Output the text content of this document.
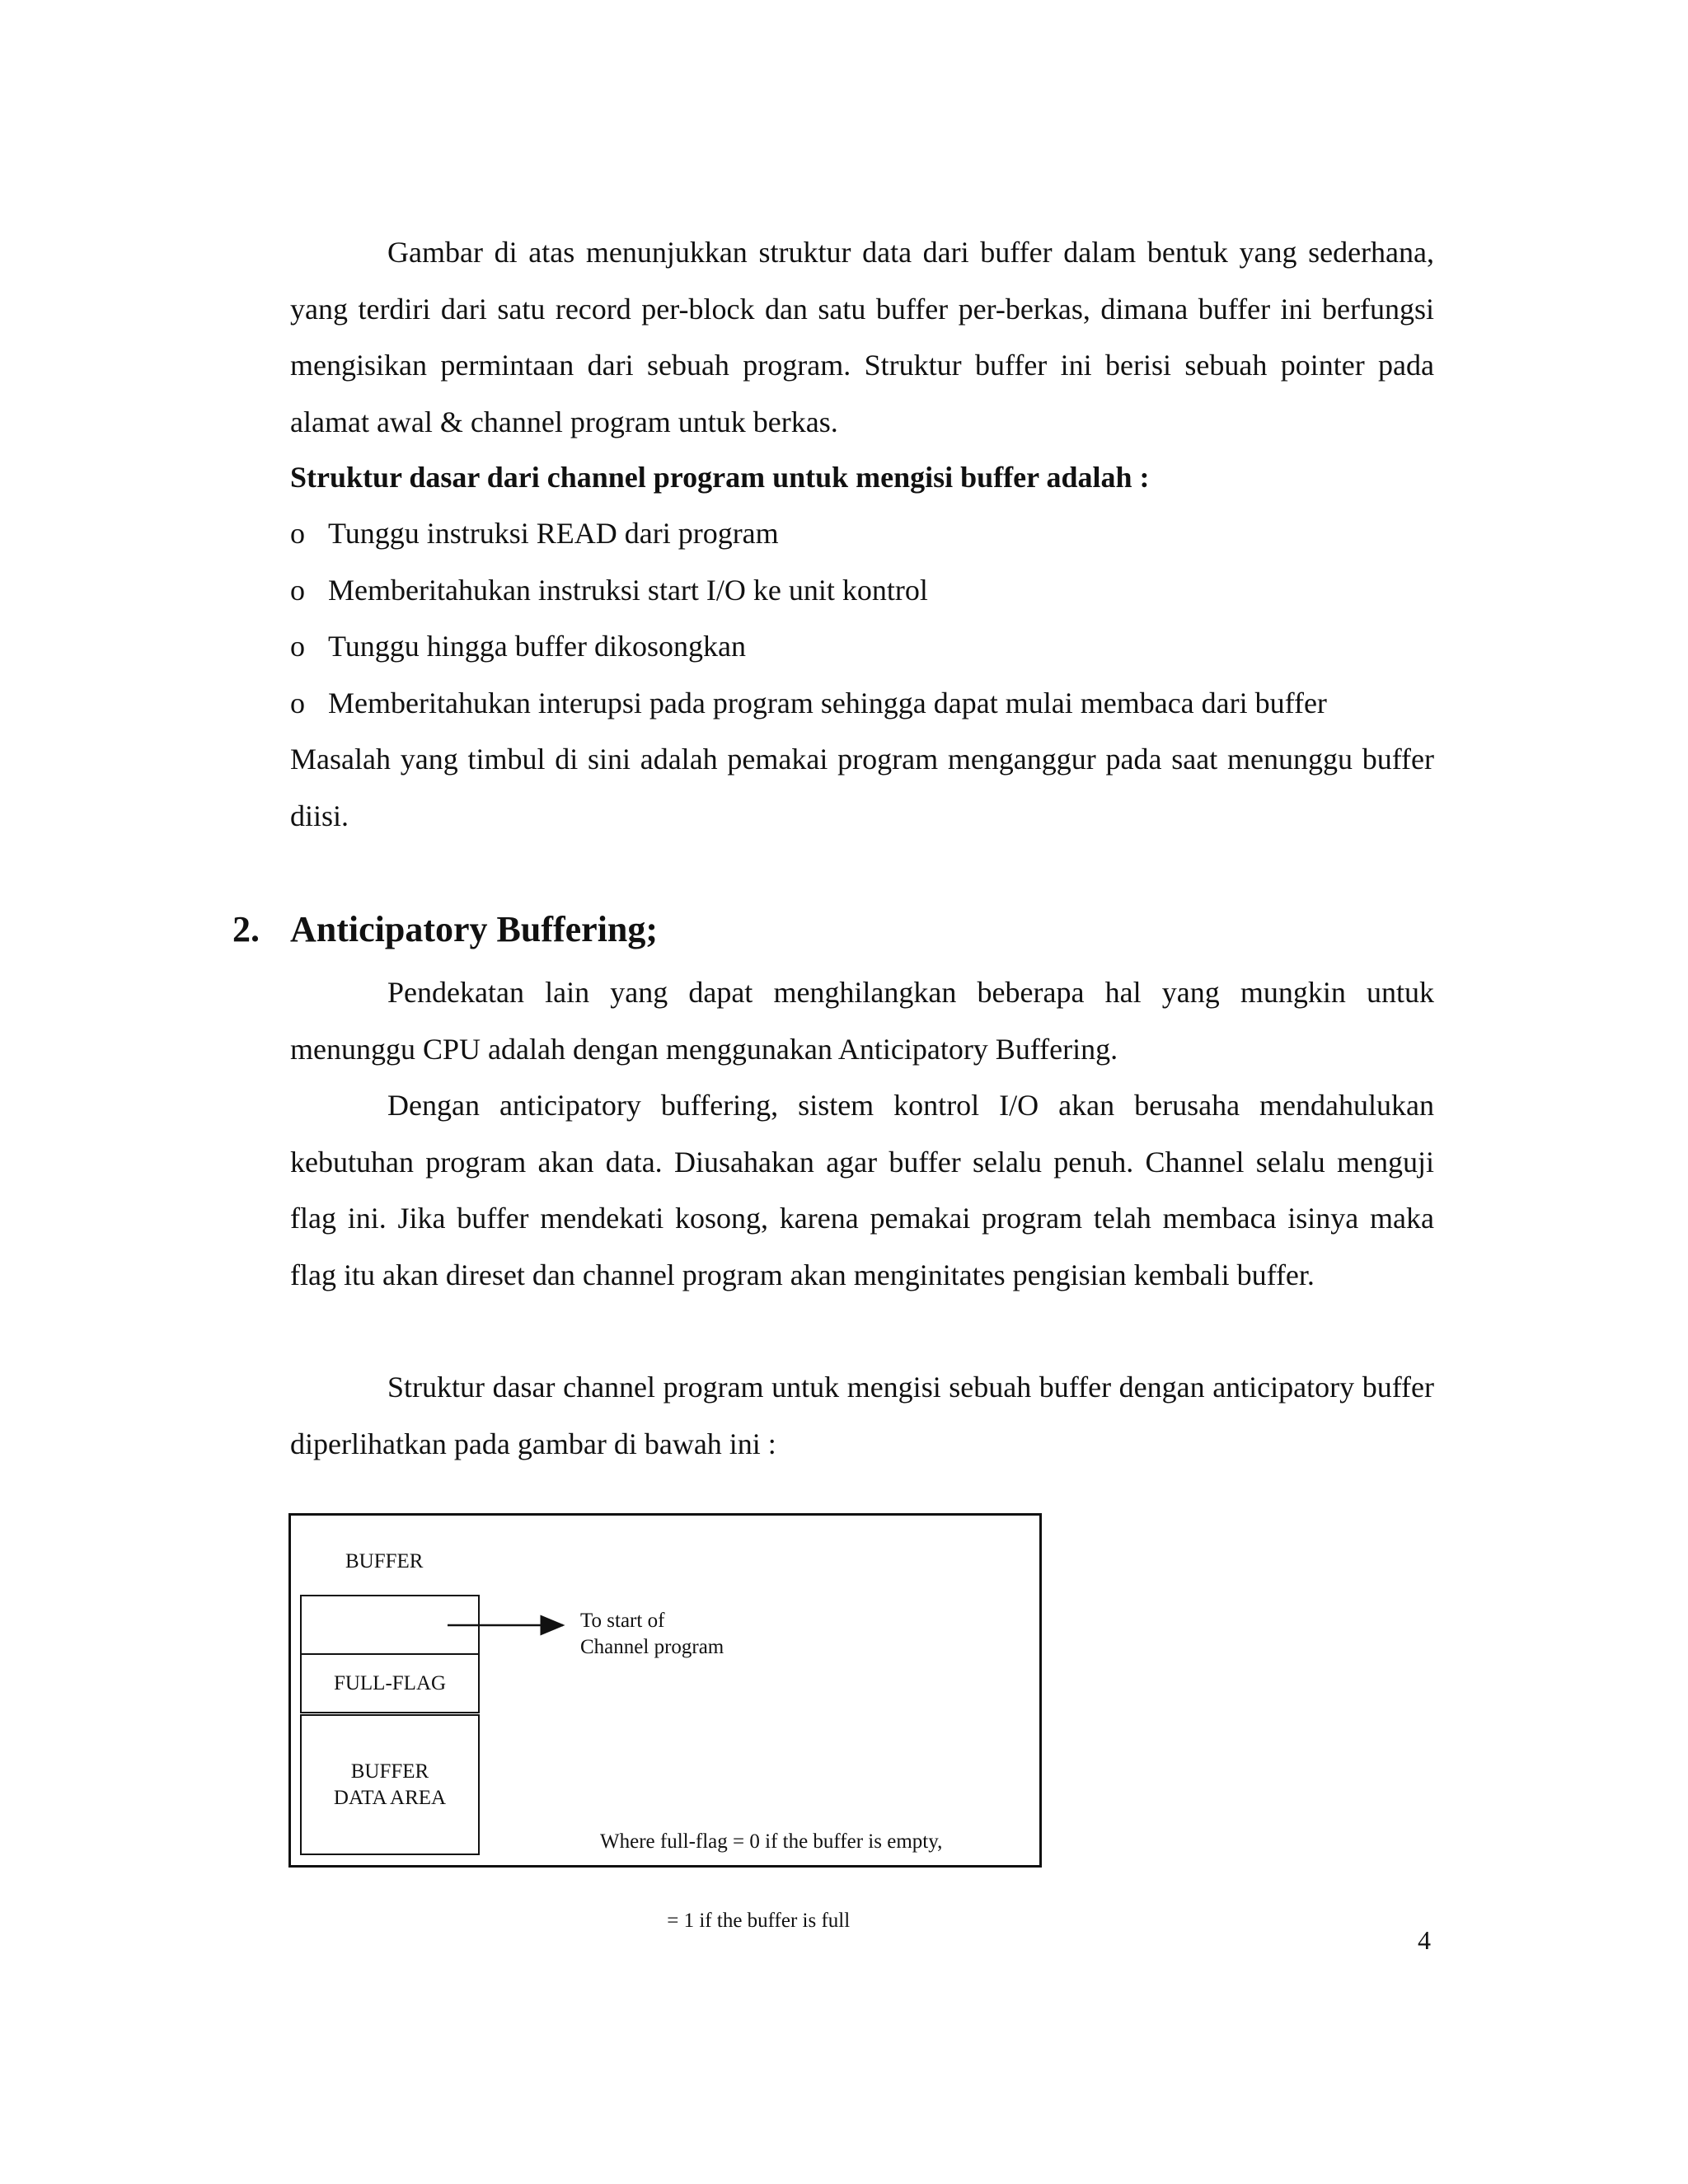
Gambar di atas menunjukkan struktur data dari buffer dalam bentuk yang sederhana, yang terdiri dari satu record per-block dan satu buffer per-berkas, dimana buffer ini berfungsi mengisikan permintaan dari sebuah program. Struktur buffer ini berisi sebuah pointer pada alamat awal & channel program untuk berkas.

Struktur dasar dari channel program untuk mengisi buffer adalah :

o Tunggu instruksi READ dari program
o Memberitahukan instruksi start I/O ke unit kontrol
o Tunggu hingga buffer dikosongkan
o Memberitahukan interupsi pada program sehingga dapat mulai membaca dari buffer

Masalah yang timbul di sini adalah pemakai program menganggur pada saat menunggu buffer diisi.

2. Anticipatory Buffering;

Pendekatan lain yang dapat menghilangkan beberapa hal yang mungkin untuk menunggu CPU adalah dengan menggunakan Anticipatory Buffering.

Dengan anticipatory buffering, sistem kontrol I/O akan berusaha mendahulukan kebutuhan program akan data. Diusahakan agar buffer selalu penuh. Channel selalu menguji flag ini. Jika buffer mendekati kosong, karena pemakai program telah membaca isinya maka flag itu akan direset dan channel program akan menginitates pengisian kembali buffer.

Struktur dasar channel program untuk mengisi sebuah buffer dengan anticipatory buffer diperlihatkan pada gambar di bawah ini :

BUFFER

FULL-FLAG
BUFFER
DATA AREA
To start of
Channel program

Where full-flag = 0 if the buffer is empty,

= 1 if the buffer is full

4
